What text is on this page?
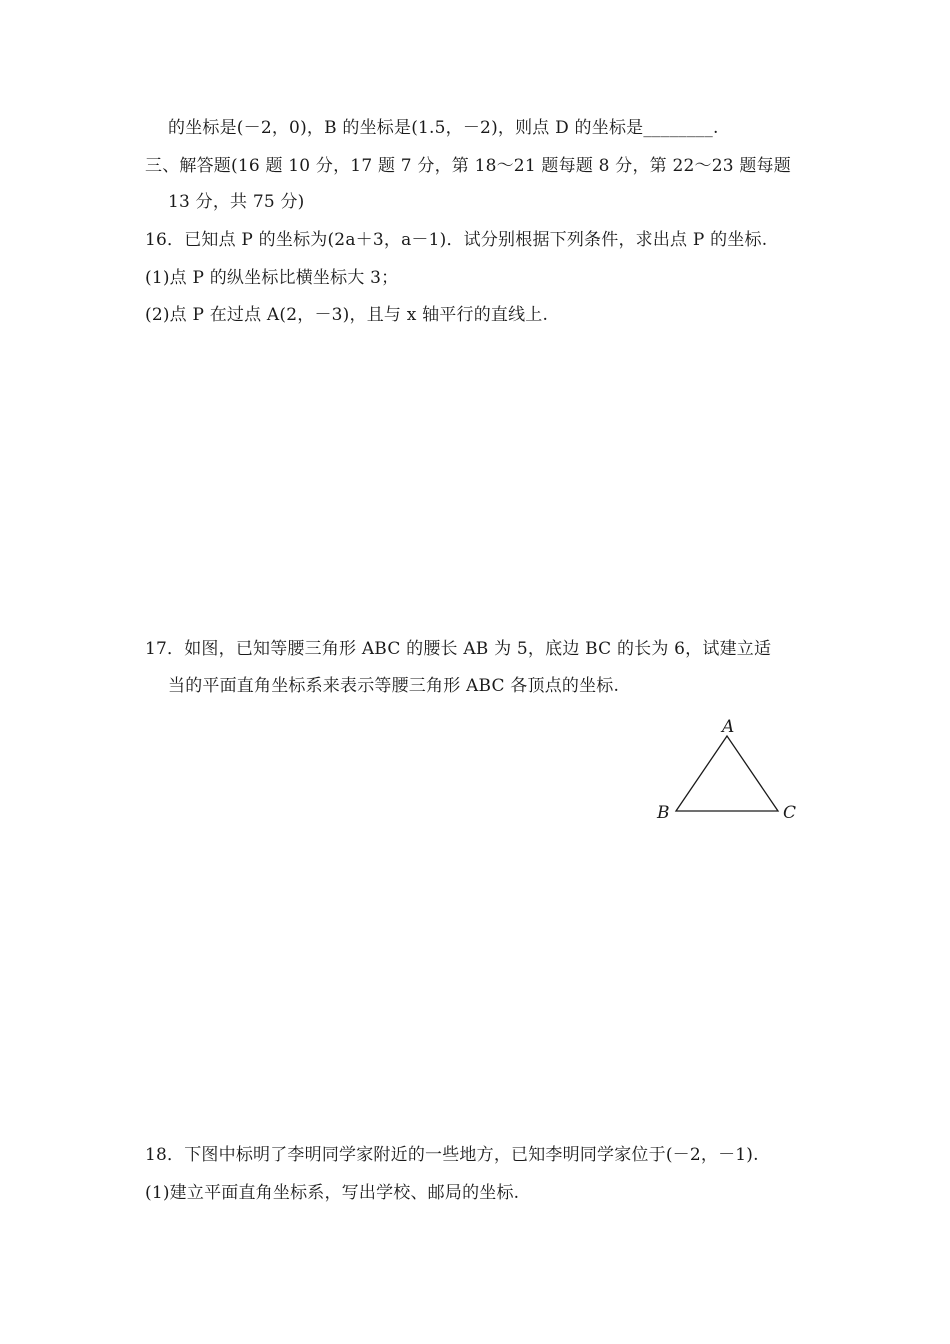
的坐标是(－2，0)，B 的坐标是(1.5，－2)，则点 D 的坐标是________.
三、解答题(16 题 10 分，17 题 7 分，第 18～21 题每题 8 分，第 22～23 题每题
13 分，共 75 分)
16．已知点 P 的坐标为(2a＋3，a－1)．试分别根据下列条件，求出点 P 的坐标.
(1)点 P 的纵坐标比横坐标大 3；
(2)点 P 在过点 A(2，－3)，且与 x 轴平行的直线上.
17．如图，已知等腰三角形 ABC 的腰长 AB 为 5，底边 BC 的长为 6，试建立适
当的平面直角坐标系来表示等腰三角形 ABC 各顶点的坐标.
A
B	C
18．下图中标明了李明同学家附近的一些地方，已知李明同学家位于(－2，－1).
(1)建立平面直角坐标系，写出学校、邮局的坐标.
